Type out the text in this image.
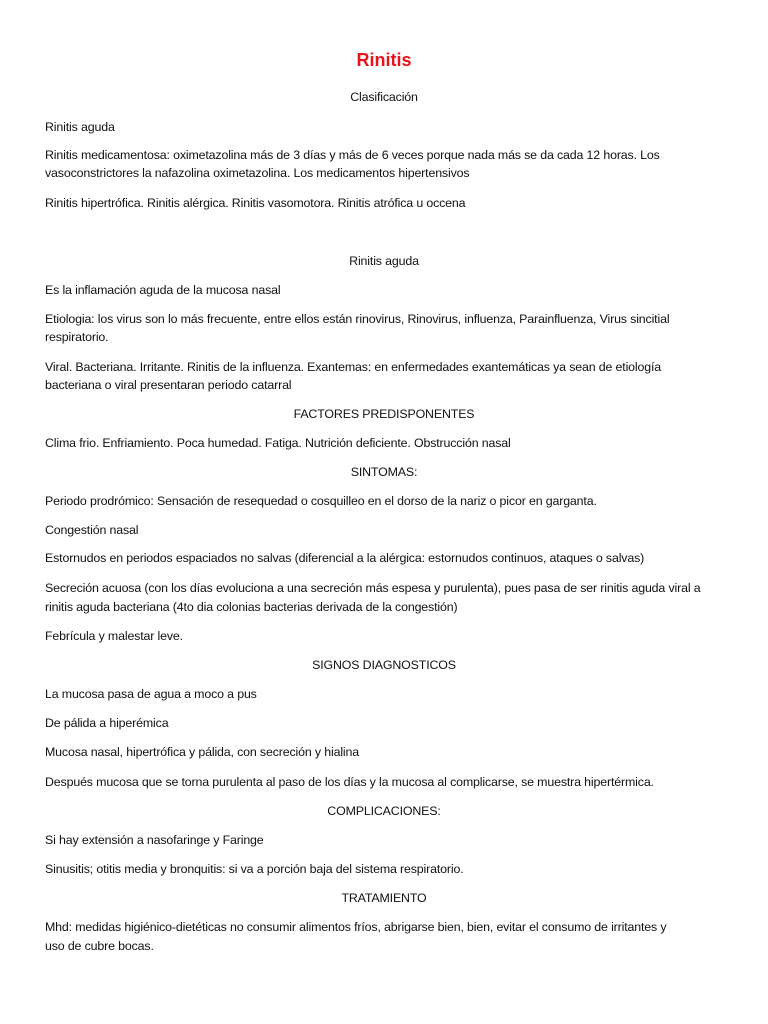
Rinitis
Clasificación
Rinitis aguda
Rinitis medicamentosa: oximetazolina más de 3 días y más de 6 veces porque nada más se da cada 12 horas. Los
vasoconstrictores la nafazolina oximetazolina. Los medicamentos hipertensivos
Rinitis hipertrófica. Rinitis alérgica. Rinitis vasomotora. Rinitis atrófica u occena
Rinitis aguda
Es la inflamación aguda de la mucosa nasal
Etiologia: los virus son lo más frecuente, entre ellos están rinovirus, Rinovirus, influenza, Parainfluenza, Virus sincitial
respiratorio.
Viral. Bacteriana. Irritante. Rinitis de la influenza. Exantemas: en enfermedades exantemáticas ya sean de etiología
bacteriana o viral presentaran periodo catarral
FACTORES PREDISPONENTES
Clima frio. Enfriamiento. Poca humedad. Fatiga. Nutrición deficiente. Obstrucción nasal
SINTOMAS:
Periodo prodrómico: Sensación de resequedad o cosquilleo en el dorso de la nariz o picor en garganta.
Congestión nasal
Estornudos en periodos espaciados no salvas (diferencial a la alérgica: estornudos continuos, ataques o salvas)
Secreción acuosa (con los días evoluciona a una secreción más espesa y purulenta), pues pasa de ser rinitis aguda viral a
rinitis aguda bacteriana (4to dia colonias bacterias derivada de la congestión)
Febrícula y malestar leve.
SIGNOS DIAGNOSTICOS
La mucosa pasa de agua a moco a pus
De pálida a hiperémica
Mucosa nasal, hipertrófica y pálida, con secreción y hialina
Después mucosa que se torna purulenta al paso de los días y la mucosa al complicarse, se muestra hipertérmica.
COMPLICACIONES:
Si hay extensión a nasofaringe y Faringe
Sinusitis; otitis media y bronquitis: si va a porción baja del sistema respiratorio.
TRATAMIENTO
Mhd: medidas higiénico-dietéticas no consumir alimentos fríos, abrigarse bien, bien, evitar el consumo de irritantes y
uso de cubre bocas.
